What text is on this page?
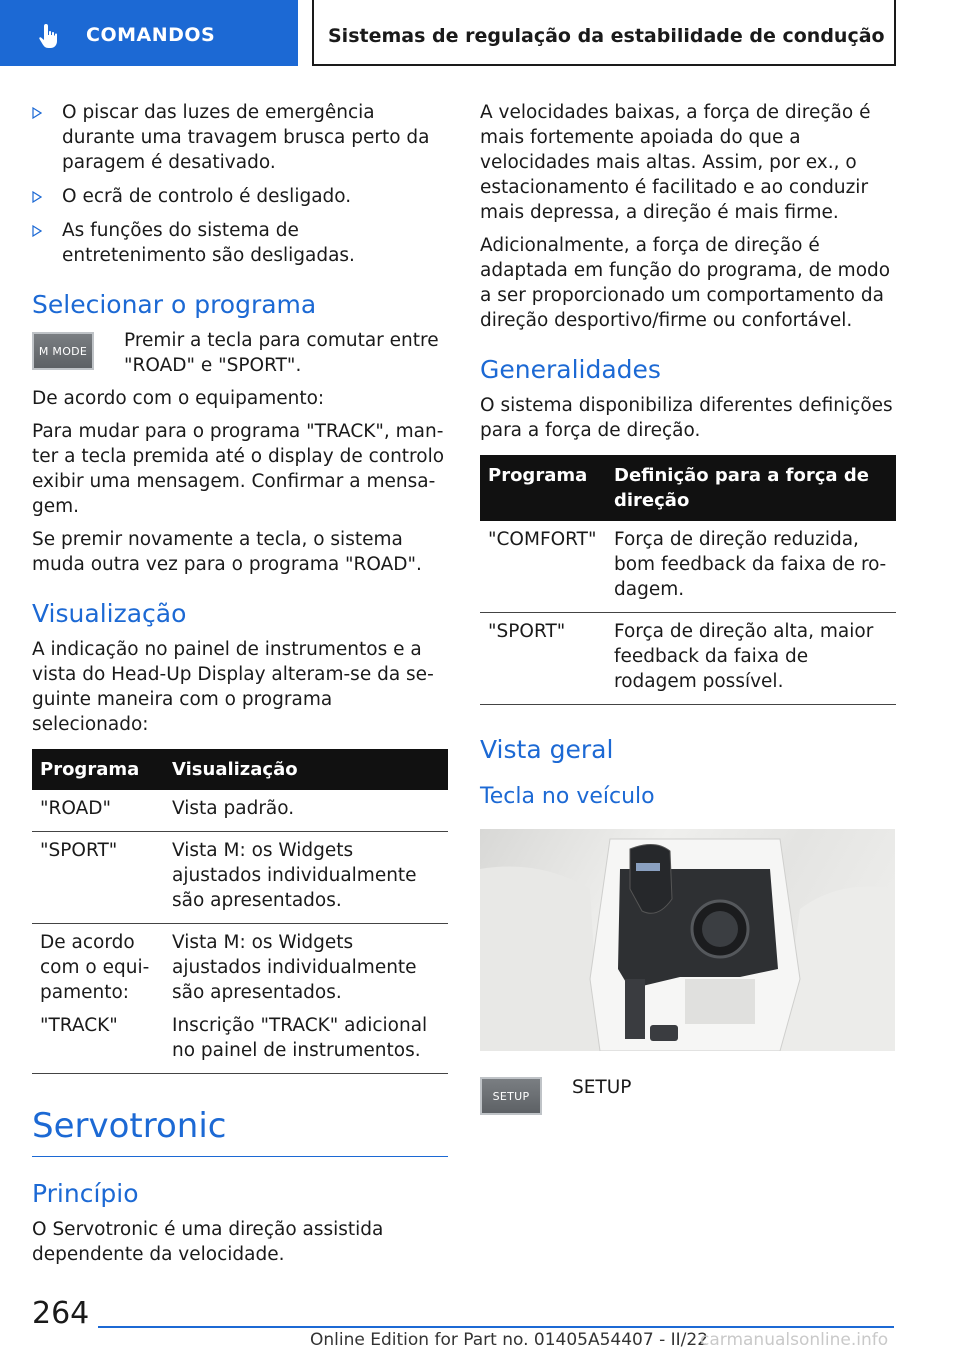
COMANDOS	Sistemas de regulação da estabilidade de condução
O piscar das luzes de emergência durante uma travagem brusca perto da paragem é desativado.
O ecrã de controlo é desligado.
As funções do sistema de entretenimento são desligadas.
Selecionar o programa
M MODE	Premir a tecla para comutar entre "ROAD" e "SPORT".

De acordo com o equipamento:

Para mudar para o programa "TRACK", manter a tecla premida até o display de controlo exibir uma mensagem. Confirmar a mensagem.

Se premir novamente a tecla, o sistema muda outra vez para o programa "ROAD".

Visualização

A indicação no painel de instrumentos e a vista do Head-Up Display alteram-se da seguinte maneira com o programa selecionado:

Programa	Visualização
"ROAD"	Vista padrão.
"SPORT"	Vista M: os Widgets ajustados individualmente são apresentados.
De acordo com o equipamento:	Vista M: os Widgets ajustados individualmente são apresentados.
"TRACK"	Inscrição "TRACK" adicional no painel de instrumentos.
Servotronic
Princípio

O Servotronic é uma direção assistida dependente da velocidade.

A velocidades baixas, a força de direção é mais fortemente apoiada do que a velocidades mais altas. Assim, por ex., o estacionamento é facilitado e ao conduzir mais depressa, a direção é mais firme.

Adicionalmente, a força de direção é adaptada em função do programa, de modo a ser proporcionado um comportamento da direção desportivo/firme ou confortável.

Generalidades

O sistema disponibiliza diferentes definições para a força de direção.

Programa	Definição para a força de direção
"COMFORT"	Força de direção reduzida, bom feedback da faixa de rodagem.
"SPORT"	Força de direção alta, maior feedback da faixa de rodagem possível.
Vista geral
Tecla no veículo
SETUP	SETUP

264
Online Edition for Part no. 01405A54407 - II/22
carmanualsonline.info
